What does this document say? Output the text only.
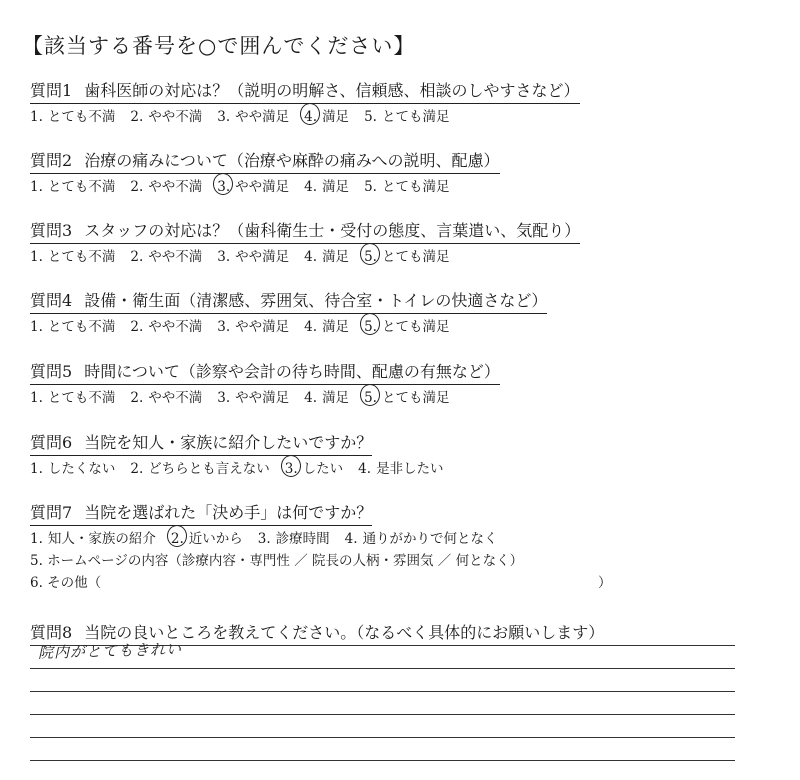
【該当する番号を○で囲んでください】
質問1 歯科医師の対応は？（説明の明解さ、信頼感、相談のしやすさなど）
1. とても不満 2. やや不満 3. やや満足 4. 満足 5. とても満足
質問2 治療の痛みについて（治療や麻酔の痛みへの説明、配慮）
1. とても不満 2. やや不満 3. やや満足 4. 満足 5. とても満足
質問3 スタッフの対応は？（歯科衛生士・受付の態度、言葉遣い、気配り）
1. とても不満 2. やや不満 3. やや満足 4. 満足 5. とても満足
質問4 設備・衛生面（清潔感、雰囲気、待合室・トイレの快適さなど）
1. とても不満 2. やや不満 3. やや満足 4. 満足 5. とても満足
質問5 時間について（診察や会計の待ち時間、配慮の有無など）
1. とても不満 2. やや不満 3. やや満足 4. 満足 5. とても満足
質問6 当院を知人・家族に紹介したいですか？
1. したくない 2. どちらとも言えない 3. したい 4. 是非したい
質問7 当院を選ばれた「決め手」は何ですか？
1. 知人・家族の紹介 2. 近いから 3. 診療時間 4. 通りがかりで何となく
5. ホームページの内容（診療内容・専門性 ／ 院長の人柄・雰囲気 ／ 何となく）
6. その他（	）
質問8 当院の良いところを教えてください。（なるべく具体的にお願いします）
院内がとてもきれい
